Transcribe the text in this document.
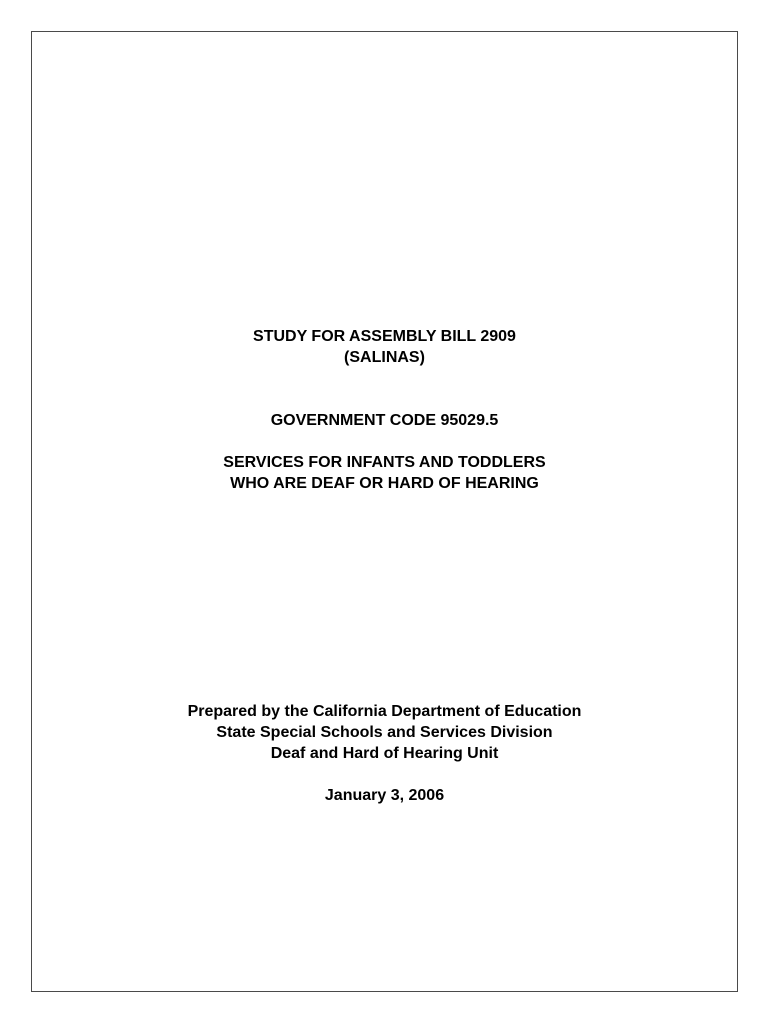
STUDY FOR ASSEMBLY BILL 2909
(SALINAS)
GOVERNMENT CODE 95029.5
SERVICES FOR INFANTS AND TODDLERS
WHO ARE DEAF OR HARD OF HEARING
Prepared by the California Department of Education
State Special Schools and Services Division
Deaf and Hard of Hearing Unit
January 3, 2006
